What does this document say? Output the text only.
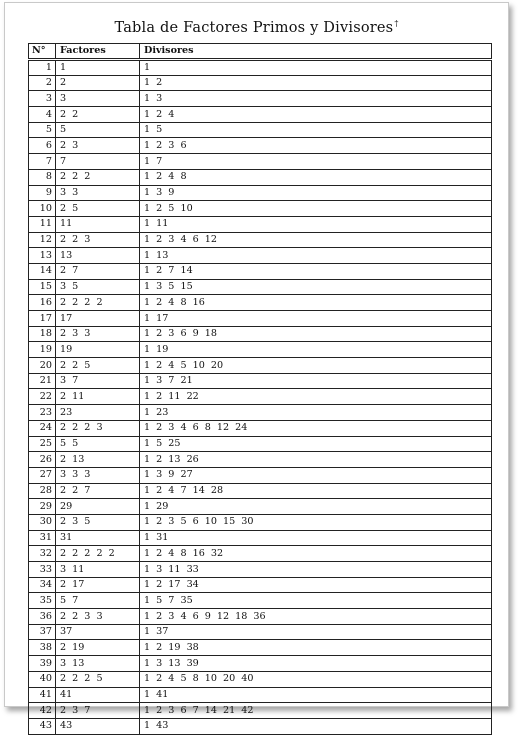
Tabla de Factores Primos y Divisores†
N°	Factores	Divisores
1	1	1
2	2	1 2
3	3	1 3
4	2 2	1 2 4
5	5	1 5
6	2 3	1 2 3 6
7	7	1 7
8	2 2 2	1 2 4 8
9	3 3	1 3 9
10	2 5	1 2 5 10
11	11	1 11
12	2 2 3	1 2 3 4 6 12
13	13	1 13
14	2 7	1 2 7 14
15	3 5	1 3 5 15
16	2 2 2 2	1 2 4 8 16
17	17	1 17
18	2 3 3	1 2 3 6 9 18
19	19	1 19
20	2 2 5	1 2 4 5 10 20
21	3 7	1 3 7 21
22	2 11	1 2 11 22
23	23	1 23
24	2 2 2 3	1 2 3 4 6 8 12 24
25	5 5	1 5 25
26	2 13	1 2 13 26
27	3 3 3	1 3 9 27
28	2 2 7	1 2 4 7 14 28
29	29	1 29
30	2 3 5	1 2 3 5 6 10 15 30
31	31	1 31
32	2 2 2 2 2	1 2 4 8 16 32
33	3 11	1 3 11 33
34	2 17	1 2 17 34
35	5 7	1 5 7 35
36	2 2 3 3	1 2 3 4 6 9 12 18 36
37	37	1 37
38	2 19	1 2 19 38
39	3 13	1 3 13 39
40	2 2 2 5	1 2 4 5 8 10 20 40
41	41	1 41
42	2 3 7	1 2 3 6 7 14 21 42
43	43	1 43
